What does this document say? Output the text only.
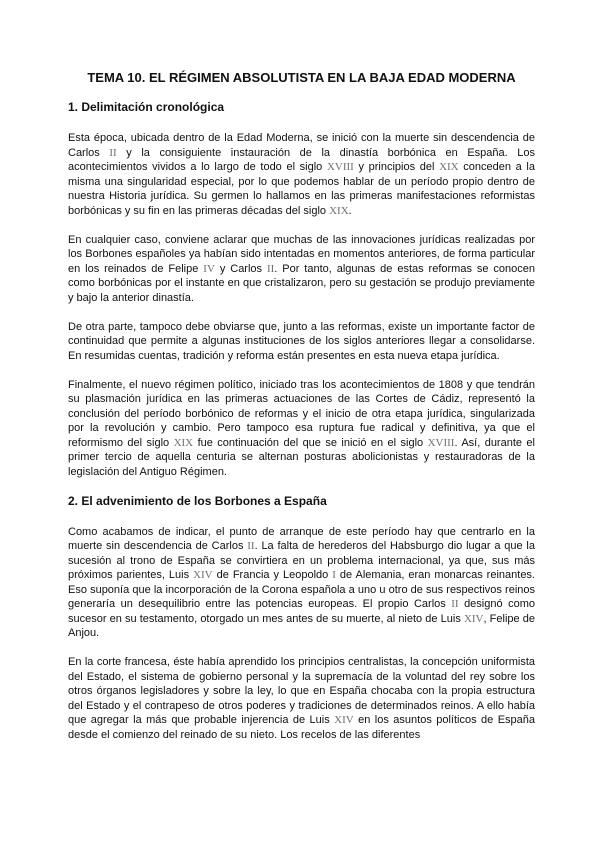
TEMA 10. EL RÉGIMEN ABSOLUTISTA EN LA BAJA EDAD MODERNA
1. Delimitación cronológica

Esta época, ubicada dentro de la Edad Moderna, se inició con la muerte sin descendencia de Carlos II y la consiguiente instauración de la dinastía borbónica en España. Los acontecimientos vividos a lo largo de todo el siglo XVIII y principios del XIX conceden a la misma una singularidad especial, por lo que podemos hablar de un período propio dentro de nuestra Historia jurídica. Su germen lo hallamos en las primeras manifestaciones reformistas borbónicas y su fin en las primeras décadas del siglo XIX.

En cualquier caso, conviene aclarar que muchas de las innovaciones jurídicas realizadas por los Borbones españoles ya habían sido intentadas en momentos anteriores, de forma particular en los reinados de Felipe IV y Carlos II. Por tanto, algunas de estas reformas se conocen como borbónicas por el instante en que cristalizaron, pero su gestación se produjo previamente y bajo la anterior dinastía.

De otra parte, tampoco debe obviarse que, junto a las reformas, existe un importante factor de continuidad que permite a algunas instituciones de los siglos anteriores llegar a consolidarse. En resumidas cuentas, tradición y reforma están presentes en esta nueva etapa jurídica.

Finalmente, el nuevo régimen político, iniciado tras los acontecimientos de 1808 y que tendrán su plasmación jurídica en las primeras actuaciones de las Cortes de Cádiz, representó la conclusión del período borbónico de reformas y el inicio de otra etapa jurídica, singularizada por la revolución y cambio. Pero tampoco esa ruptura fue radical y definitiva, ya que el reformismo del siglo XIX fue continuación del que se inició en el siglo XVIII. Así, durante el primer tercio de aquella centuria se alternan posturas abolicionistas y restauradoras de la legislación del Antiguo Régimen.

2. El advenimiento de los Borbones a España

Como acabamos de indicar, el punto de arranque de este período hay que centrarlo en la muerte sin descendencia de Carlos II. La falta de herederos del Habsburgo dio lugar a que la sucesión al trono de España se convirtiera en un problema internacional, ya que, sus más próximos parientes, Luis XIV de Francia y Leopoldo I de Alemania, eran monarcas reinantes. Eso suponía que la incorporación de la Corona española a uno u otro de sus respectivos reinos generaría un desequilibrio entre las potencias europeas. El propio Carlos II designó como sucesor en su testamento, otorgado un mes antes de su muerte, al nieto de Luis XIV, Felipe de Anjou.

En la corte francesa, éste había aprendido los principios centralistas, la concepción uniformista del Estado, el sistema de gobierno personal y la supremacía de la voluntad del rey sobre los otros órganos legisladores y sobre la ley, lo que en España chocaba con la propia estructura del Estado y el contrapeso de otros poderes y tradiciones de determinados reinos. A ello había que agregar la más que probable injerencia de Luis XIV en los asuntos políticos de España desde el comienzo del reinado de su nieto. Los recelos de las diferentes
